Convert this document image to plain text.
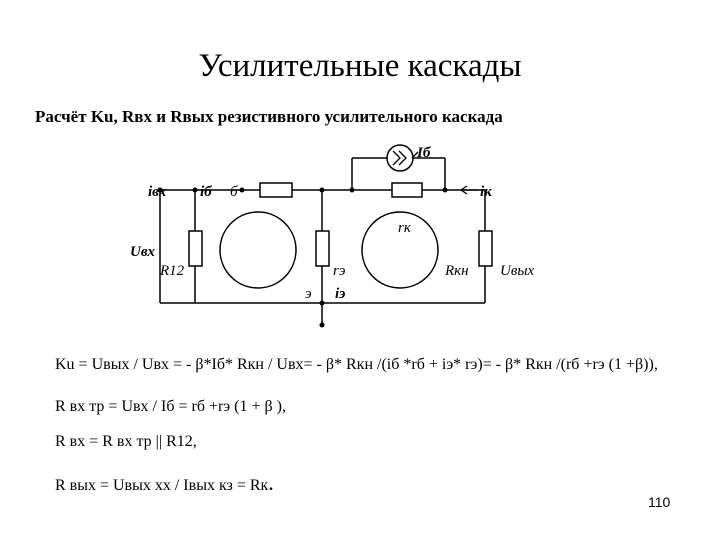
Усилительные каскады
Расчёт Ku, Rвх и Rвых резистивного усилительного каскада
iвх iб б
Iб
iк
rк
Uвх
R12	rэ
э iэ
Rкн Uвых
Ku = Uвых / Uвх = - β*Iб* Rкн / Uвх= - β* Rкн /(iб *rб + iэ* rэ)= - β* Rкн /(rб +rэ (1 +β)),
R вх тр = Uвх / Iб = rб +rэ (1 + β ),
R вх = R вх тр || R12,
R вых = Uвых хх / Iвых кз = Rк.
110
